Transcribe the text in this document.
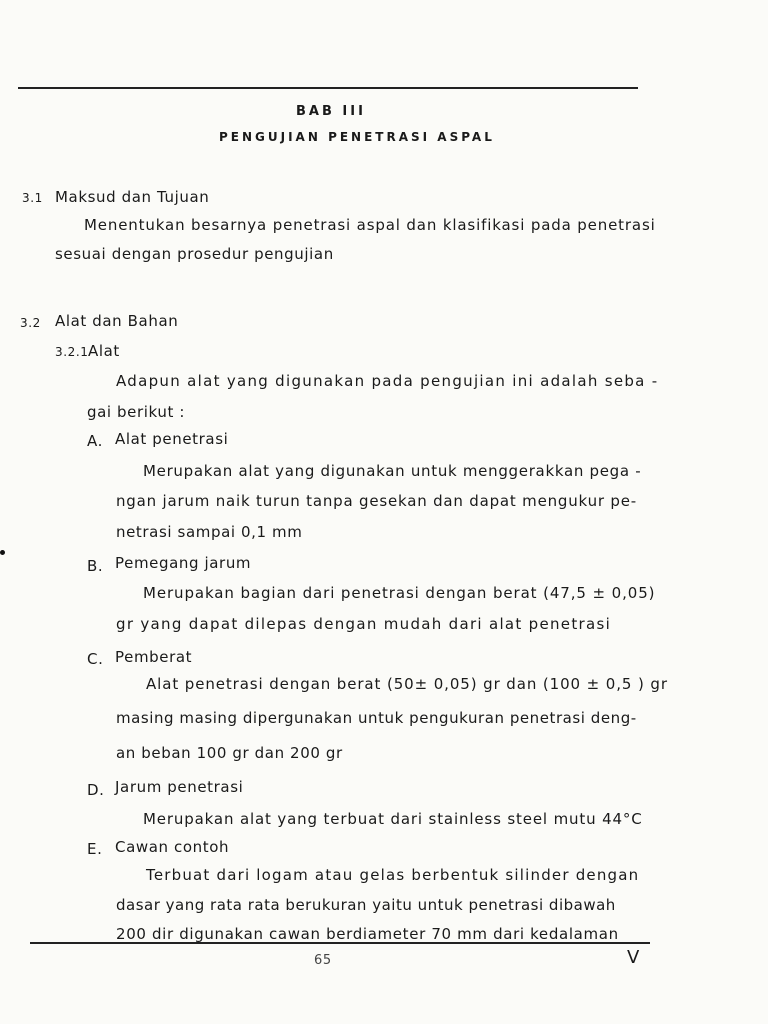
BAB III
PENGUJIAN PENETRASI ASPAL
3.1 Maksud dan Tujuan
Menentukan besarnya penetrasi aspal dan klasifikasi pada penetrasi
sesuai dengan prosedur pengujian
3.2 Alat dan Bahan
3.2.1 Alat
Adapun alat yang digunakan pada pengujian ini adalah seba -
gai berikut :
A. Alat penetrasi
Merupakan alat yang digunakan untuk menggerakkan pega -
ngan jarum naik turun tanpa gesekan dan dapat mengukur pe-
netrasi sampai 0,1 mm
B. Pemegang jarum
Merupakan bagian dari penetrasi dengan berat (47,5 ± 0,05)
gr yang dapat dilepas dengan mudah dari alat penetrasi
C. Pemberat
Alat penetrasi dengan berat (50± 0,05) gr dan (100 ± 0,5 ) gr
masing masing dipergunakan untuk pengukuran penetrasi deng-
an beban 100 gr dan 200 gr
D. Jarum penetrasi
Merupakan alat yang terbuat dari stainless steel mutu 44°C
E. Cawan contoh
Terbuat dari logam atau gelas berbentuk silinder dengan
dasar yang rata rata berukuran yaitu untuk penetrasi dibawah
200 dir digunakan cawan berdiameter 70 mm dari kedalaman
65	V
